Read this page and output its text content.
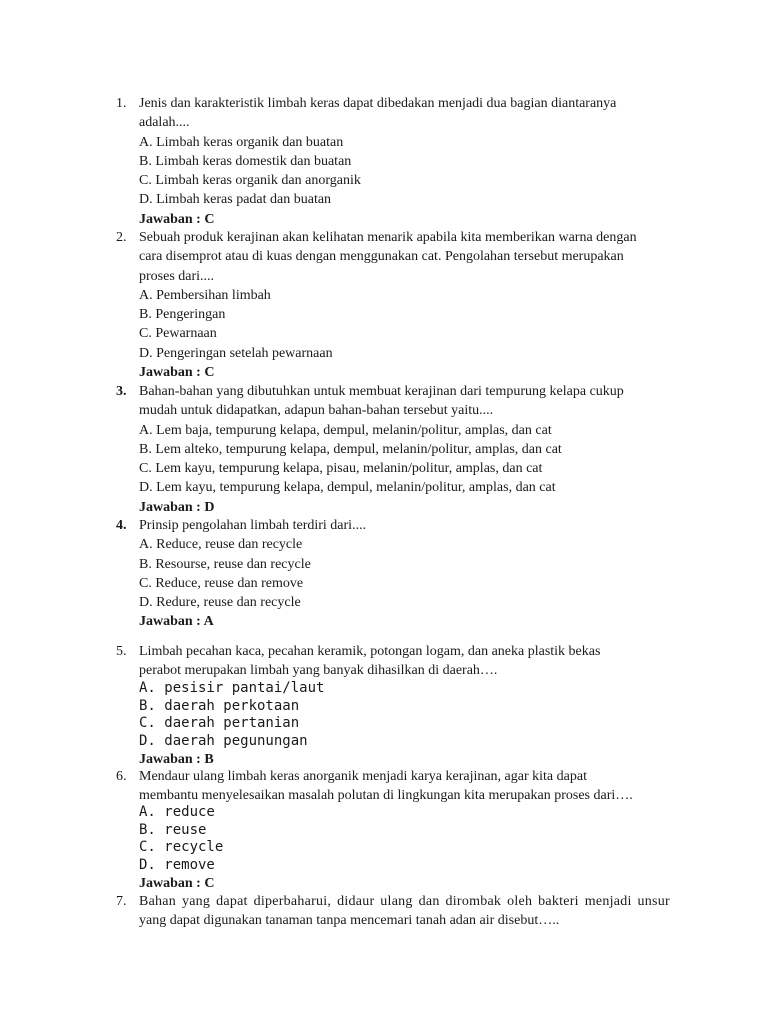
1. Jenis dan karakteristik limbah keras dapat dibedakan menjadi dua bagian diantaranya
adalah....
A. Limbah keras organik dan buatan
B. Limbah keras domestik dan buatan
C. Limbah keras organik dan anorganik
D. Limbah keras padat dan buatan
Jawaban : C
2. Sebuah produk kerajinan akan kelihatan menarik apabila kita memberikan warna dengan
cara disemprot atau di kuas dengan menggunakan cat. Pengolahan tersebut merupakan
proses dari....
A. Pembersihan limbah
B. Pengeringan
C. Pewarnaan
D. Pengeringan setelah pewarnaan
Jawaban : C
3. Bahan-bahan yang dibutuhkan untuk membuat kerajinan dari tempurung kelapa cukup
mudah untuk didapatkan, adapun bahan-bahan tersebut yaitu....
A. Lem baja, tempurung kelapa, dempul, melanin/politur, amplas, dan cat
B. Lem alteko, tempurung kelapa, dempul, melanin/politur, amplas, dan cat
C. Lem kayu, tempurung kelapa, pisau, melanin/politur, amplas, dan cat
D. Lem kayu, tempurung kelapa, dempul, melanin/politur, amplas, dan cat
Jawaban : D
4. Prinsip pengolahan limbah terdiri dari....
A. Reduce, reuse dan recycle
B. Resourse, reuse dan recycle
C. Reduce, reuse dan remove
D. Redure, reuse dan recycle
Jawaban : A
5. Limbah pecahan kaca, pecahan keramik, potongan logam, dan aneka plastik bekas
perabot merupakan limbah yang banyak dihasilkan di daerah….
A. pesisir pantai/laut
B. daerah perkotaan
C. daerah pertanian
D. daerah pegunungan
Jawaban : B
6. Mendaur ulang limbah keras anorganik menjadi karya kerajinan, agar kita dapat
membantu menyelesaikan masalah polutan di lingkungan kita merupakan proses dari….
A. reduce
B. reuse
C. recycle
D. remove
Jawaban : C
7. Bahan yang dapat diperbaharui, didaur ulang dan dirombak oleh bakteri menjadi unsur
yang dapat digunakan tanaman tanpa mencemari tanah adan air disebut…..
